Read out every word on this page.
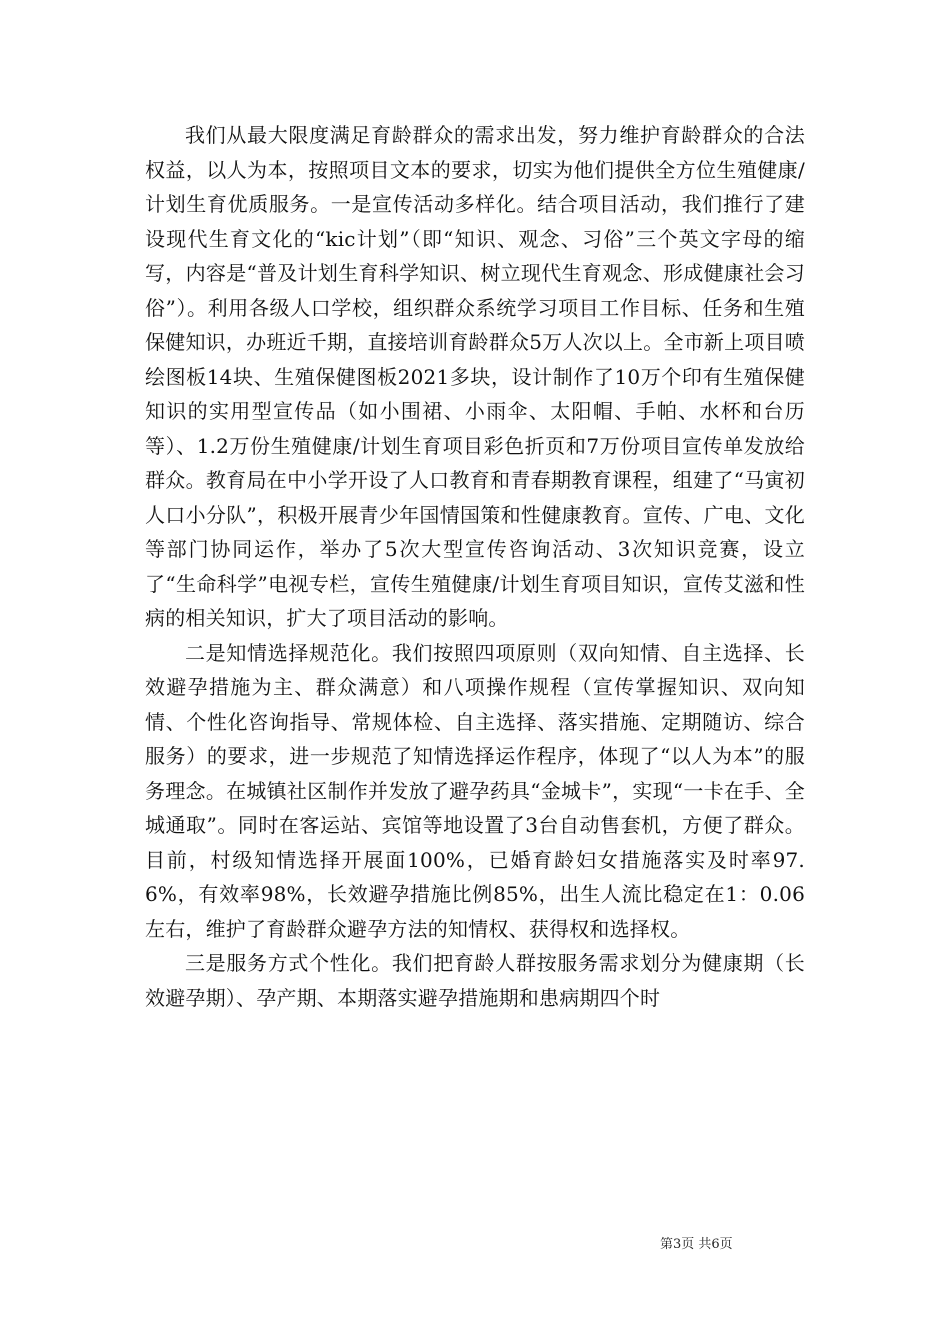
我们从最大限度满足育龄群众的需求出发，努力维护育龄群众的合法权益，以人为本，按照项目文本的要求，切实为他们提供全方位生殖健康/计划生育优质服务。一是宣传活动多样化。结合项目活动，我们推行了建设现代生育文化的“kic计划”（即“知识、观念、习俗”三个英文字母的缩写，内容是“普及计划生育科学知识、树立现代生育观念、形成健康社会习俗”）。利用各级人口学校，组织群众系统学习项目工作目标、任务和生殖保健知识，办班近千期，直接培训育龄群众5万人次以上。全市新上项目喷绘图板14块、生殖保健图板2021多块，设计制作了10万个印有生殖保健知识的实用型宣传品（如小围裙、小雨伞、太阳帽、手帕、水杯和台历等）、1.2万份生殖健康/计划生育项目彩色折页和7万份项目宣传单发放给群众。教育局在中小学开设了人口教育和青春期教育课程，组建了“马寅初人口小分队”，积极开展青少年国情国策和性健康教育。宣传、广电、文化等部门协同运作，举办了5次大型宣传咨询活动、3次知识竞赛，设立了“生命科学”电视专栏，宣传生殖健康/计划生育项目知识，宣传艾滋和性病的相关知识，扩大了项目活动的影响。

二是知情选择规范化。我们按照四项原则（双向知情、自主选择、长效避孕措施为主、群众满意）和八项操作规程（宣传掌握知识、双向知情、个性化咨询指导、常规体检、自主选择、落实措施、定期随访、综合服务）的要求，进一步规范了知情选择运作程序，体现了“以人为本”的服务理念。在城镇社区制作并发放了避孕药具“金城卡”，实现“一卡在手、全城通取”。同时在客运站、宾馆等地设置了3台自动售套机，方便了群众。目前，村级知情选择开展面100%，已婚育龄妇女措施落实及时率97.6%，有效率98%，长效避孕措施比例85%，出生人流比稳定在1：0.06左右，维护了育龄群众避孕方法的知情权、获得权和选择权。

三是服务方式个性化。我们把育龄人群按服务需求划分为健康期（长效避孕期）、孕产期、本期落实避孕措施期和患病期四个时

第3页 共6页
